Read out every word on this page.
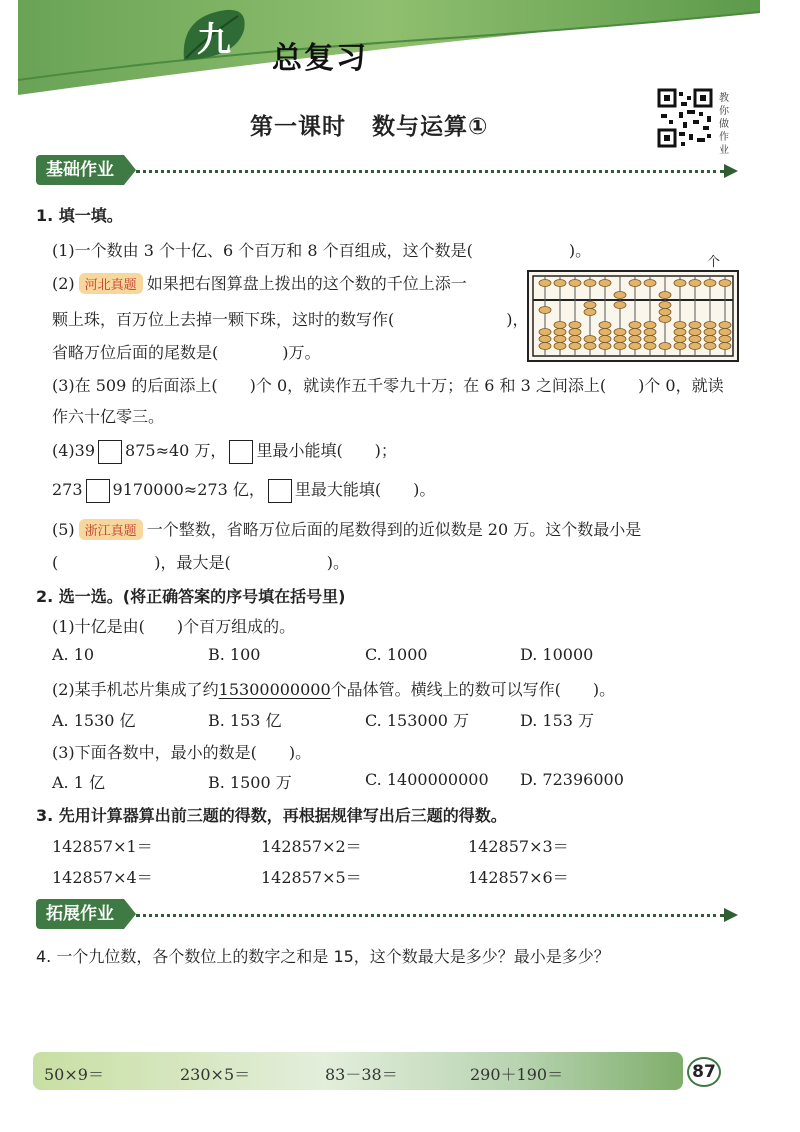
九 总复习
第一课时 数与运算①
教你做作业
基础作业
1. 填一填。
(1)一个数由 3 个十亿、6 个百万和 8 个百组成，这个数是(　　　　　　)。
(2) 河北真题 如果把右图算盘上拨出的这个数的千位上添一
颗上珠，百万位上去掉一颗下珠，这时的数写作(　　　　　　　)，
省略万位后面的尾数是(　　　　)万。
个
(3)在 509 的后面添上(　　)个 0，就读作五千零九十万；在 6 和 3 之间添上(　　)个 0，就读
作六十亿零三。
(4)39 875≈40 万， 里最小能填(　　)；
273 9170000≈273 亿， 里最大能填(　　)。
(5) 浙江真题 一个整数，省略万位后面的尾数得到的近似数是 20 万。这个数最小是
(　　　　　　)，最大是(　　　　　　)。
2. 选一选。(将正确答案的序号填在括号里)
(1)十亿是由(　　)个百万组成的。
A. 10	B. 100	C. 1000	D. 10000
(2)某手机芯片集成了约15300000000个晶体管。横线上的数可以写作(　　)。
A. 1530 亿	B. 153 亿	C. 153000 万	D. 153 万
(3)下面各数中，最小的数是(　　)。
A. 1 亿	B. 1500 万	C. 1400000000 D. 72396000
3. 先用计算器算出前三题的得数，再根据规律写出后三题的得数。
142857×1＝	142857×2＝	142857×3＝
142857×4＝	142857×5＝	142857×6＝
拓展作业
4. 一个九位数，各个数位上的数字之和是 15，这个数最大是多少？最小是多少？
50×9＝	230×5＝	83－38＝	290＋190＝	87
